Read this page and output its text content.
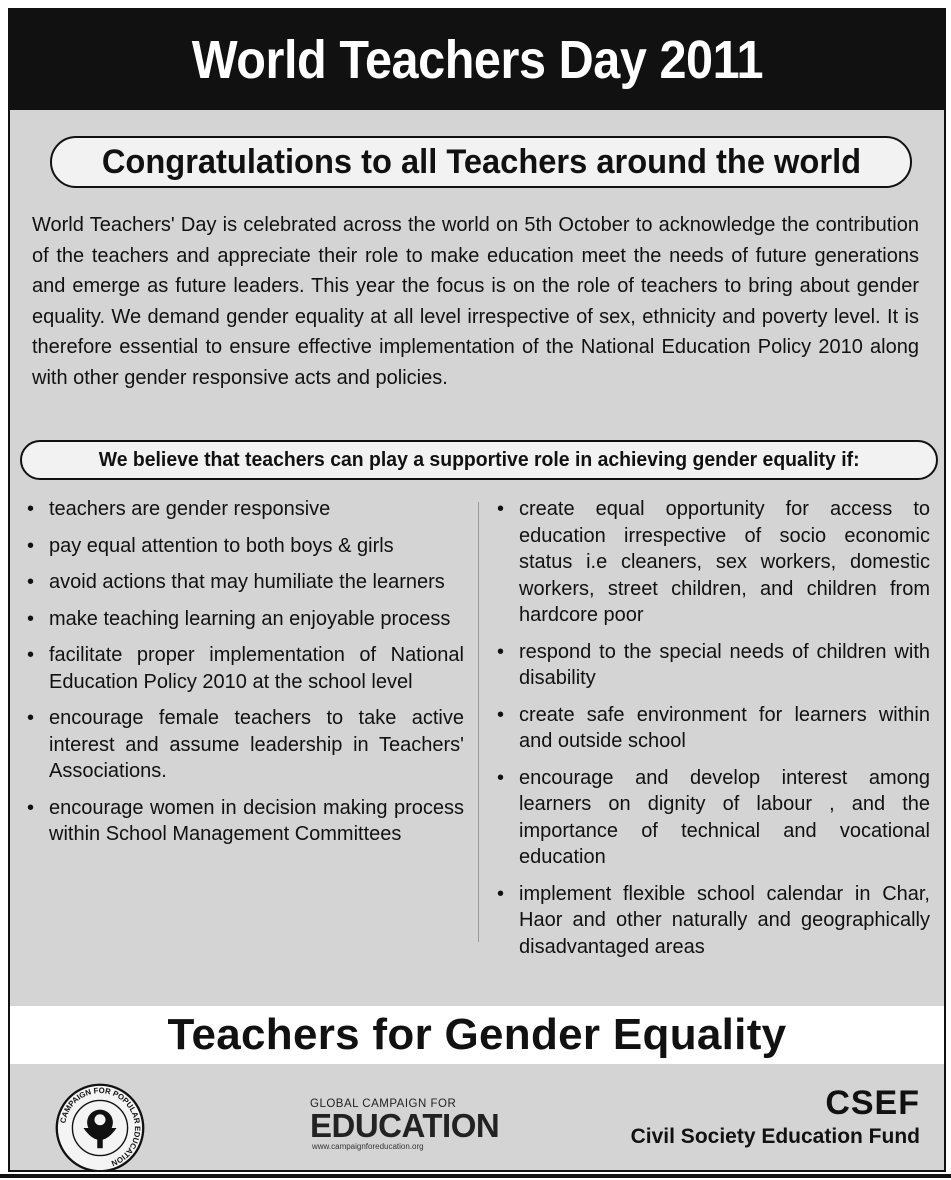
World Teachers Day 2011
Congratulations to all Teachers around the world

World Teachers' Day is celebrated across the world on 5th October to acknowledge the contribution of the teachers and appreciate their role to make education meet the needs of future generations and emerge as future leaders. This year the focus is on the role of teachers to bring about gender equality. We demand gender equality at all level irrespective of sex, ethnicity and poverty level. It is therefore essential to ensure effective implementation of the National Education Policy 2010 along with other gender responsive acts and policies.

We believe that teachers can play a supportive role in achieving gender equality if:
• teachers are gender responsive
• pay equal attention to both boys & girls
• avoid actions that may humiliate the learners
• make teaching learning an enjoyable process
• facilitate proper implementation of National Education Policy 2010 at the school level
• encourage female teachers to take active interest and assume leadership in Teachers' Associations.
• encourage women in decision making process within School Management Committees
• create equal opportunity for access to education irrespective of socio economic status i.e cleaners, sex workers, domestic workers, street children, and children from hardcore poor
• respond to the special needs of children with disability
• create safe environment for learners within and outside school
• encourage and develop interest among learners on dignity of labour , and the importance of technical and vocational education
• implement flexible school calendar in Char, Haor and other naturally and geographically disadvantaged areas
Teachers for Gender Equality
CAMPAIGN FOR POPULAR EDUCATION
GLOBAL CAMPAIGN FOR
EDUCATION
www.campaignforeducation.org
CSEF
Civil Society Education Fund
